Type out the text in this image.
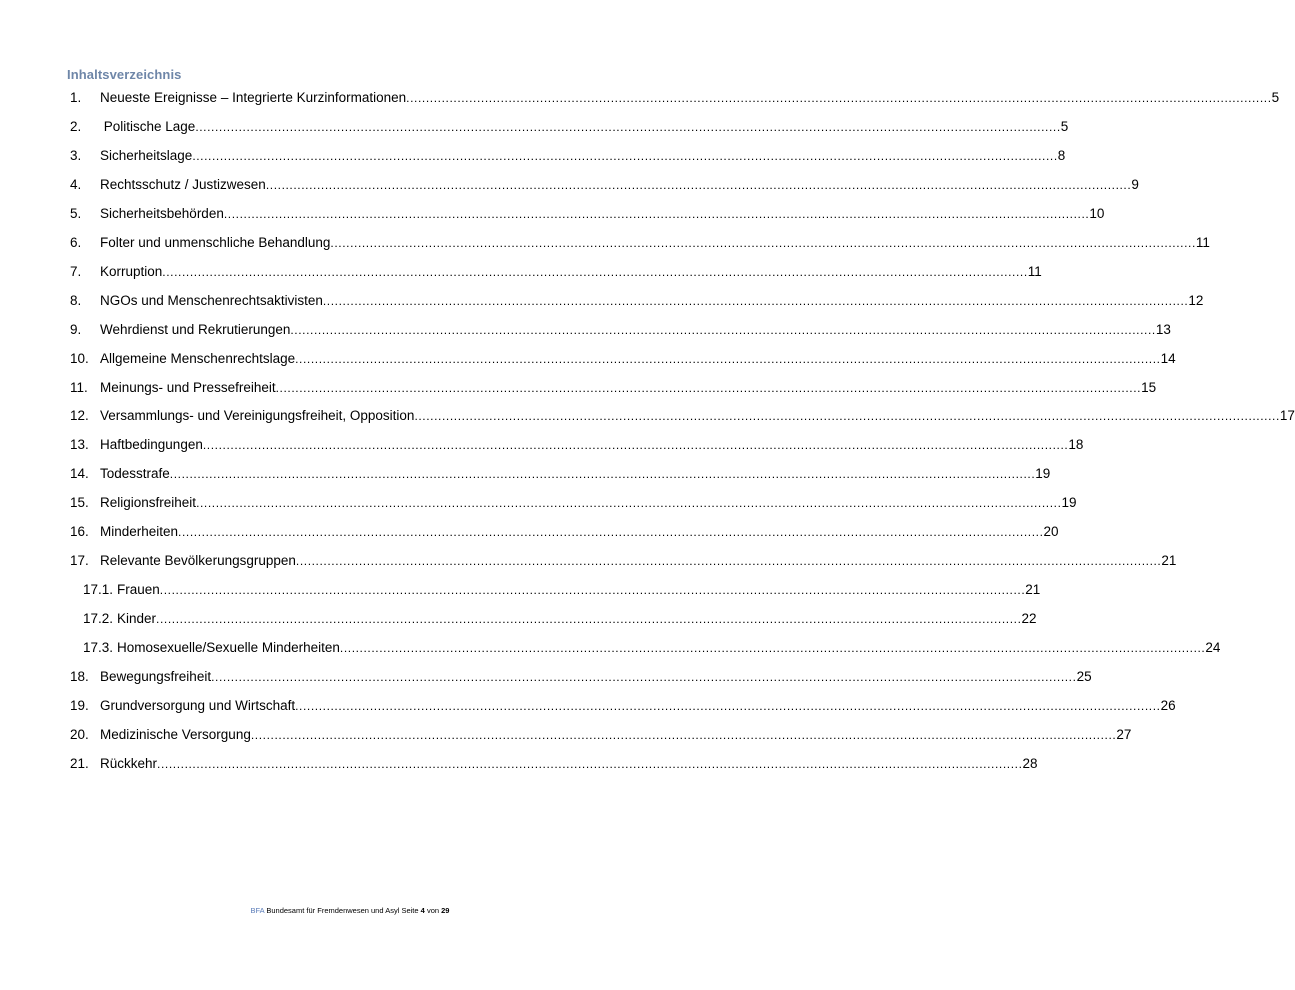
Inhaltsverzeichnis
1. Neueste Ereignisse – Integrierte Kurzinformationen ............................................................................................................................................................................................................................ 5
2. Politische Lage ............................................................................................................................................................................................................................ 5
3. Sicherheitslage ............................................................................................................................................................................................................................ 8
4. Rechtsschutz / Justizwesen ............................................................................................................................................................................................................................ 9
5. Sicherheitsbehörden ............................................................................................................................................................................................................................ 10
6. Folter und unmenschliche Behandlung ............................................................................................................................................................................................................................ 11
7. Korruption ............................................................................................................................................................................................................................ 11
8. NGOs und Menschenrechtsaktivisten ............................................................................................................................................................................................................................ 12
9. Wehrdienst und Rekrutierungen ............................................................................................................................................................................................................................ 13
10. Allgemeine Menschenrechtslage ............................................................................................................................................................................................................................ 14
11. Meinungs- und Pressefreiheit ............................................................................................................................................................................................................................ 15
12. Versammlungs- und Vereinigungsfreiheit, Opposition ............................................................................................................................................................................................................................ 17
13. Haftbedingungen ............................................................................................................................................................................................................................ 18
14. Todesstrafe ............................................................................................................................................................................................................................ 19
15. Religionsfreiheit ............................................................................................................................................................................................................................ 19
16. Minderheiten ............................................................................................................................................................................................................................ 20
17. Relevante Bevölkerungsgruppen ............................................................................................................................................................................................................................ 21
17.1. Frauen ............................................................................................................................................................................................................................ 21
17.2. Kinder ............................................................................................................................................................................................................................ 22
17.3. Homosexuelle/Sexuelle Minderheiten ............................................................................................................................................................................................................................ 24
18. Bewegungsfreiheit ............................................................................................................................................................................................................................ 25
19. Grundversorgung und Wirtschaft ............................................................................................................................................................................................................................ 26
20. Medizinische Versorgung ............................................................................................................................................................................................................................ 27
21. Rückkehr ............................................................................................................................................................................................................................ 28
BFA Bundesamt für Fremdenwesen und Asyl Seite 4 von 29
